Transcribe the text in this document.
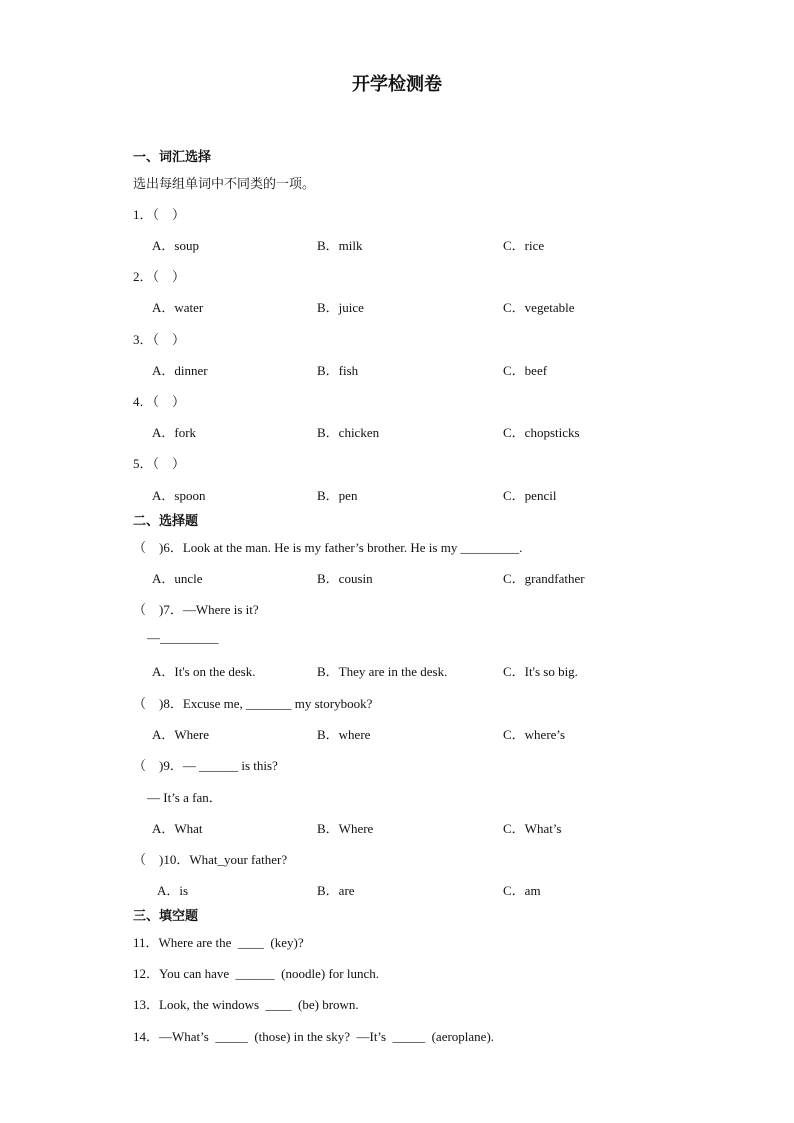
开学检测卷
一、词汇选择
选出每组单词中不同类的一项。
1．（    ）
A．soup	B．milk	C．rice
2．（    ）
A．water	B．juice	C．vegetable
3．（    ）
A．dinner	B．fish	C．beef
4．（    ）
A．fork	B．chicken	C．chopsticks
5．（    ）
A．spoon	B．pen	C．pencil
二、选择题
（    )6．Look at the man. He is my father’s brother. He is my _________.
A．uncle	B．cousin	C．grandfather
（    )7．—Where is it?
—_________
A．It's on the desk.	B．They are in the desk.	C．It's so big.
（    )8．Excuse me, _______ my storybook?
A．Where	B．where	C．where’s
（    )9．— ______ is this?
— It’s a fan．
A．What	B．Where	C．What’s
（    )10．What_your father?
A．is	B．are	C．am
三、填空题
11．Where are the  ____  (key)?
12．You can have  ______  (noodle) for lunch.
13．Look, the windows  ____  (be) brown.
14．—What’s  _____  (those) in the sky?  —It’s  _____  (aeroplane).
